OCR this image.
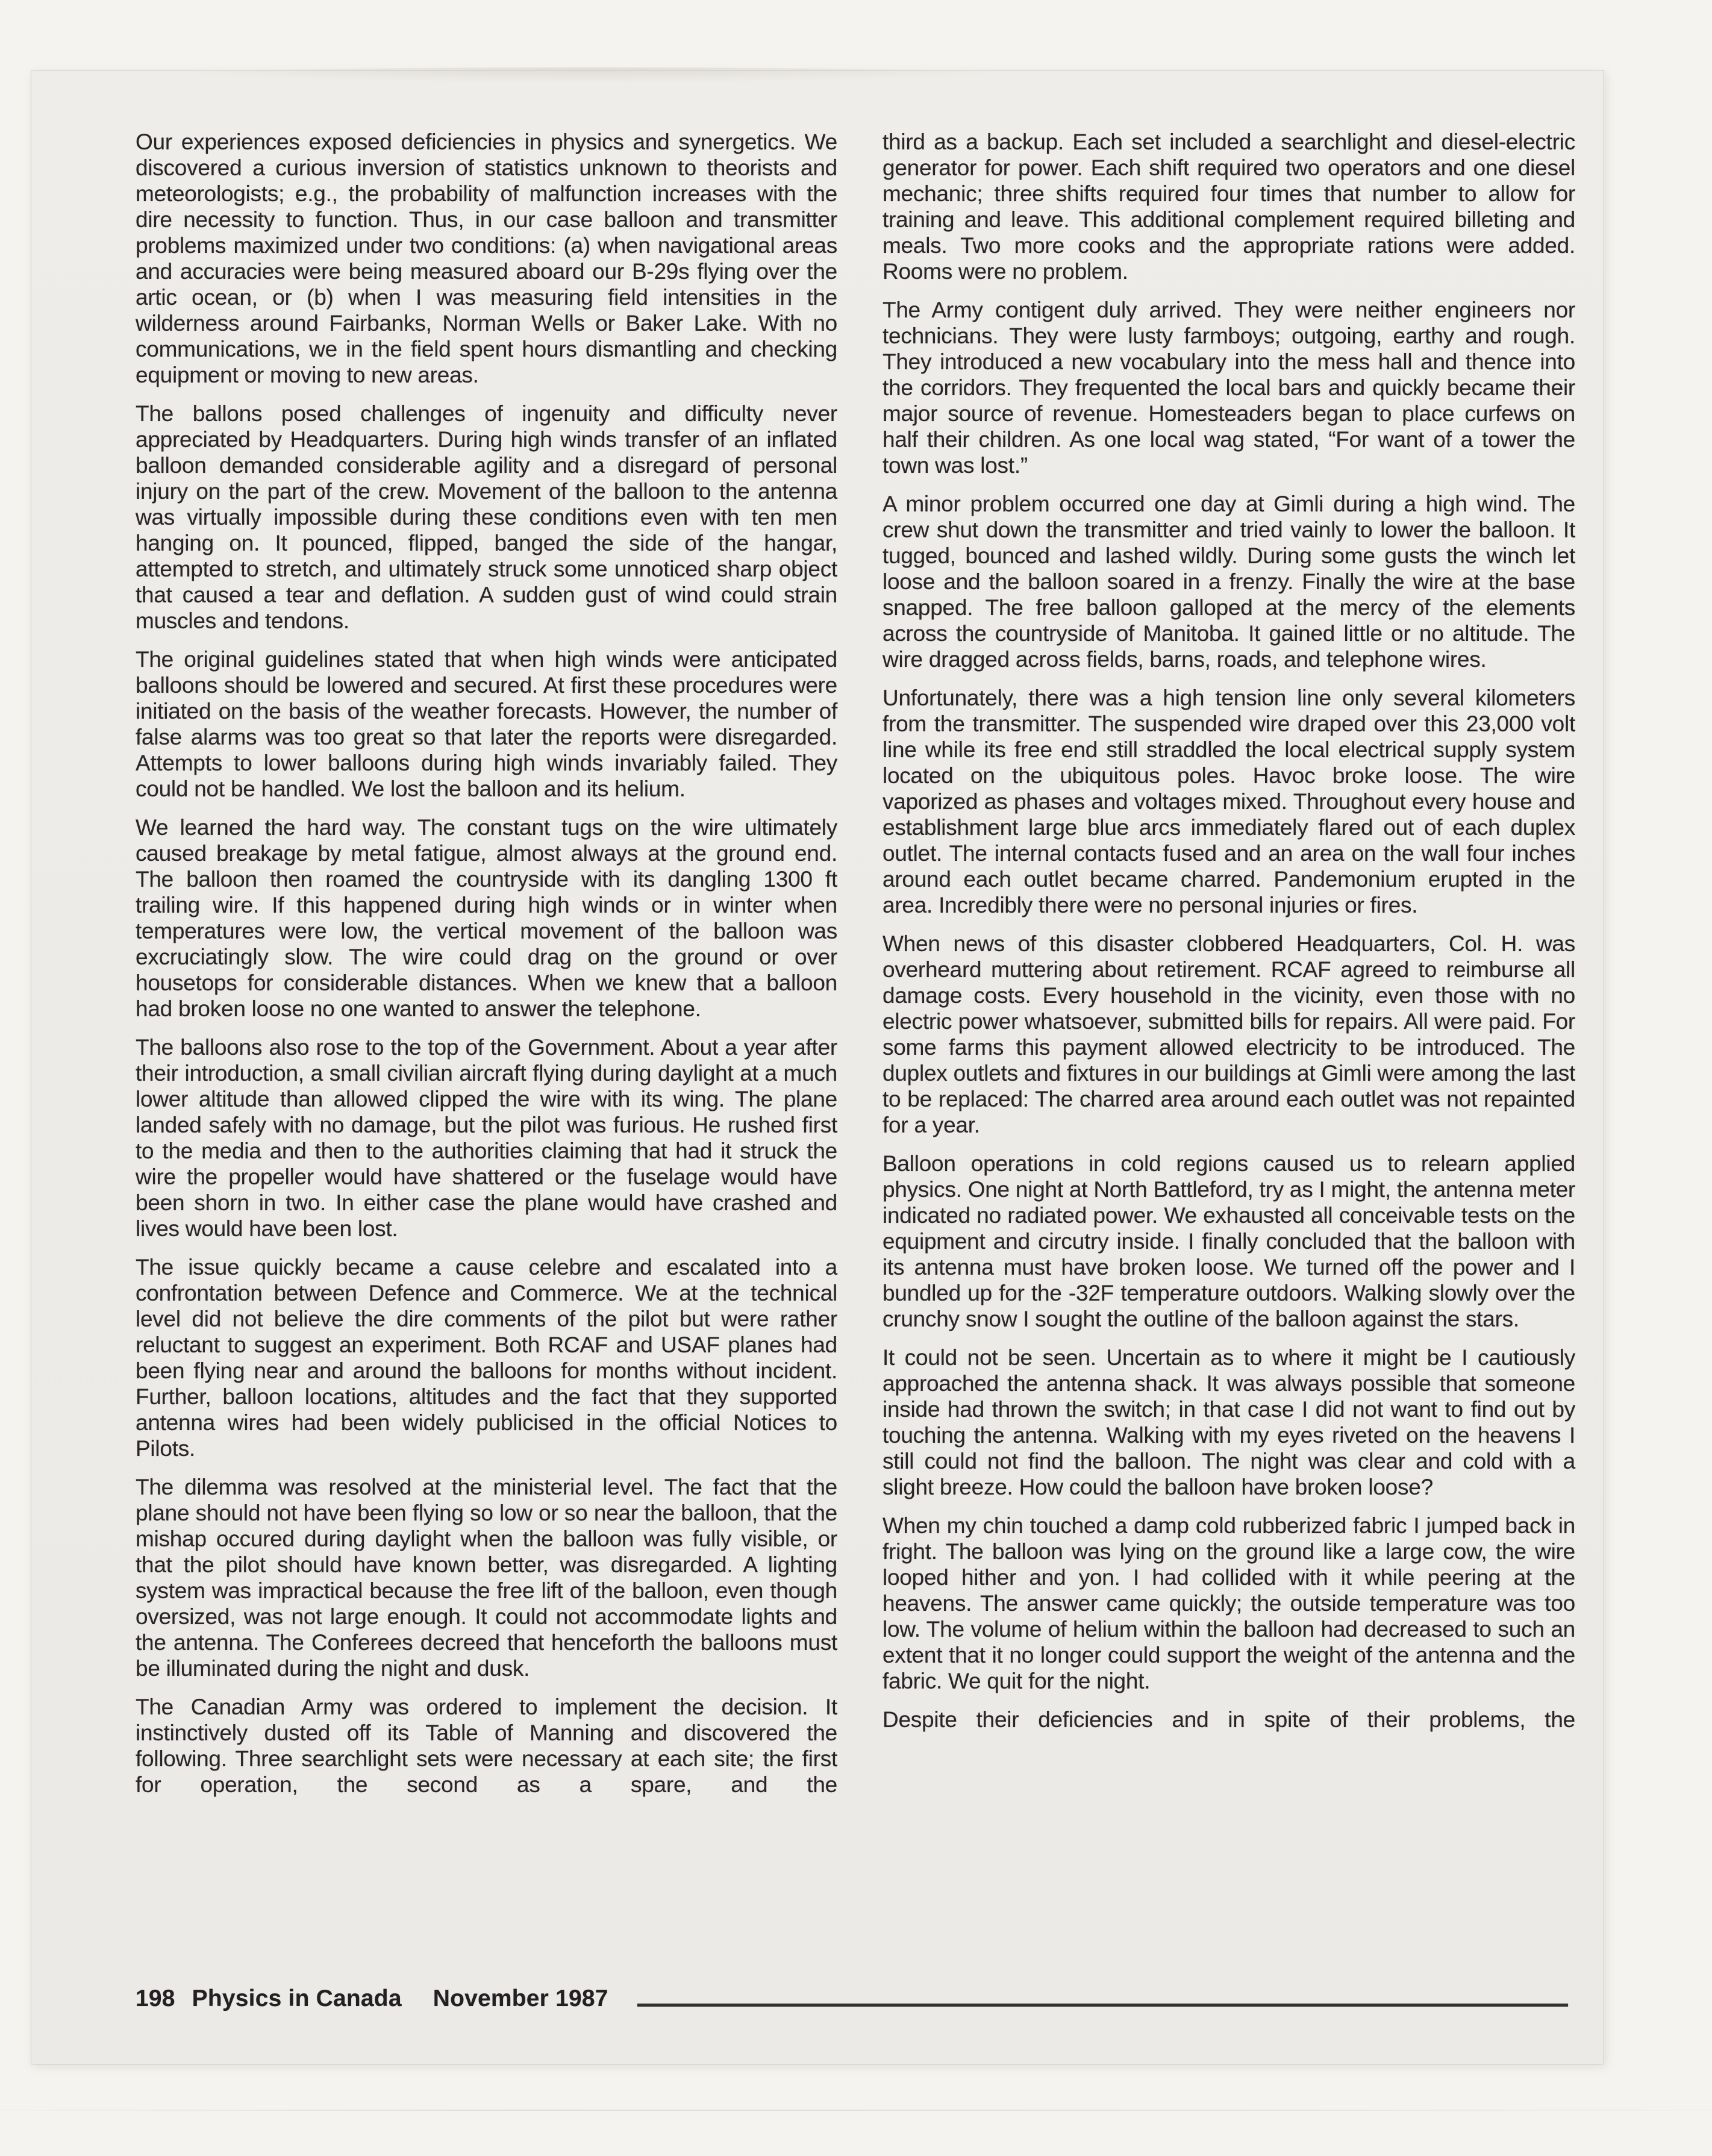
Our experiences exposed deficiencies in physics and synergetics. We discovered a curious inversion of statistics unknown to theorists and meteorologists; e.g., the probability of malfunction increases with the dire necessity to function. Thus, in our case balloon and transmitter problems maximized under two conditions: (a) when navigational areas and accuracies were being measured aboard our B-29s flying over the artic ocean, or (b) when I was measuring field intensities in the wilderness around Fairbanks, Norman Wells or Baker Lake. With no communications, we in the field spent hours dismantling and checking equipment or moving to new areas.

The ballons posed challenges of ingenuity and difficulty never appreciated by Headquarters. During high winds transfer of an inflated balloon demanded considerable agility and a disregard of personal injury on the part of the crew. Movement of the balloon to the antenna was virtually impossible during these conditions even with ten men hanging on. It pounced, flipped, banged the side of the hangar, attempted to stretch, and ultimately struck some unnoticed sharp object that caused a tear and deflation. A sudden gust of wind could strain muscles and tendons.

The original guidelines stated that when high winds were anticipated balloons should be lowered and secured. At first these procedures were initiated on the basis of the weather forecasts. However, the number of false alarms was too great so that later the reports were disregarded. Attempts to lower balloons during high winds invariably failed. They could not be handled. We lost the balloon and its helium.

We learned the hard way. The constant tugs on the wire ultimately caused breakage by metal fatigue, almost always at the ground end. The balloon then roamed the countryside with its dangling 1300 ft trailing wire. If this happened during high winds or in winter when temperatures were low, the vertical movement of the balloon was excruciatingly slow. The wire could drag on the ground or over housetops for considerable distances. When we knew that a balloon had broken loose no one wanted to answer the telephone.

The balloons also rose to the top of the Government. About a year after their introduction, a small civilian aircraft flying during daylight at a much lower altitude than allowed clipped the wire with its wing. The plane landed safely with no damage, but the pilot was furious. He rushed first to the media and then to the authorities claiming that had it struck the wire the propeller would have shattered or the fuselage would have been shorn in two. In either case the plane would have crashed and lives would have been lost.

The issue quickly became a cause celebre and escalated into a confrontation between Defence and Commerce. We at the technical level did not believe the dire comments of the pilot but were rather reluctant to suggest an experiment. Both RCAF and USAF planes had been flying near and around the balloons for months without incident. Further, balloon locations, altitudes and the fact that they supported antenna wires had been widely publicised in the official Notices to Pilots.

The dilemma was resolved at the ministerial level. The fact that the plane should not have been flying so low or so near the balloon, that the mishap occured during daylight when the balloon was fully visible, or that the pilot should have known better, was disregarded. A lighting system was impractical because the free lift of the balloon, even though oversized, was not large enough. It could not accommodate lights and the antenna. The Conferees decreed that henceforth the balloons must be illuminated during the night and dusk.

The Canadian Army was ordered to implement the decision. It instinctively dusted off its Table of Manning and discovered the following. Three searchlight sets were necessary at each site; the first for operation, the second as a spare, and the

third as a backup. Each set included a searchlight and diesel-electric generator for power. Each shift required two operators and one diesel mechanic; three shifts required four times that number to allow for training and leave. This additional complement required billeting and meals. Two more cooks and the appropriate rations were added. Rooms were no problem.

The Army contigent duly arrived. They were neither engineers nor technicians. They were lusty farmboys; outgoing, earthy and rough. They introduced a new vocabulary into the mess hall and thence into the corridors. They frequented the local bars and quickly became their major source of revenue. Homesteaders began to place curfews on half their children. As one local wag stated, “For want of a tower the town was lost.”

A minor problem occurred one day at Gimli during a high wind. The crew shut down the transmitter and tried vainly to lower the balloon. It tugged, bounced and lashed wildly. During some gusts the winch let loose and the balloon soared in a frenzy. Finally the wire at the base snapped. The free balloon galloped at the mercy of the elements across the countryside of Manitoba. It gained little or no altitude. The wire dragged across fields, barns, roads, and telephone wires.

Unfortunately, there was a high tension line only several kilometers from the transmitter. The suspended wire draped over this 23,000 volt line while its free end still straddled the local electrical supply system located on the ubiquitous poles. Havoc broke loose. The wire vaporized as phases and voltages mixed. Throughout every house and establishment large blue arcs immediately flared out of each duplex outlet. The internal contacts fused and an area on the wall four inches around each outlet became charred. Pandemonium erupted in the area. Incredibly there were no personal injuries or fires.

When news of this disaster clobbered Headquarters, Col. H. was overheard muttering about retirement. RCAF agreed to reimburse all damage costs. Every household in the vicinity, even those with no electric power whatsoever, submitted bills for repairs. All were paid. For some farms this payment allowed electricity to be introduced. The duplex outlets and fixtures in our buildings at Gimli were among the last to be replaced: The charred area around each outlet was not repainted for a year.

Balloon operations in cold regions caused us to relearn applied physics. One night at North Battleford, try as I might, the antenna meter indicated no radiated power. We exhausted all conceivable tests on the equipment and circutry inside. I finally concluded that the balloon with its antenna must have broken loose. We turned off the power and I bundled up for the -32F temperature outdoors. Walking slowly over the crunchy snow I sought the outline of the balloon against the stars.

It could not be seen. Uncertain as to where it might be I cautiously approached the antenna shack. It was always possible that someone inside had thrown the switch; in that case I did not want to find out by touching the antenna. Walking with my eyes riveted on the heavens I still could not find the balloon. The night was clear and cold with a slight breeze. How could the balloon have broken loose?

When my chin touched a damp cold rubberized fabric I jumped back in fright. The balloon was lying on the ground like a large cow, the wire looped hither and yon. I had collided with it while peering at the heavens. The answer came quickly; the outside temperature was too low. The volume of helium within the balloon had decreased to such an extent that it no longer could support the weight of the antenna and the fabric. We quit for the night.

Despite their deficiencies and in spite of their problems, the

198 Physics in Canada November 1987
